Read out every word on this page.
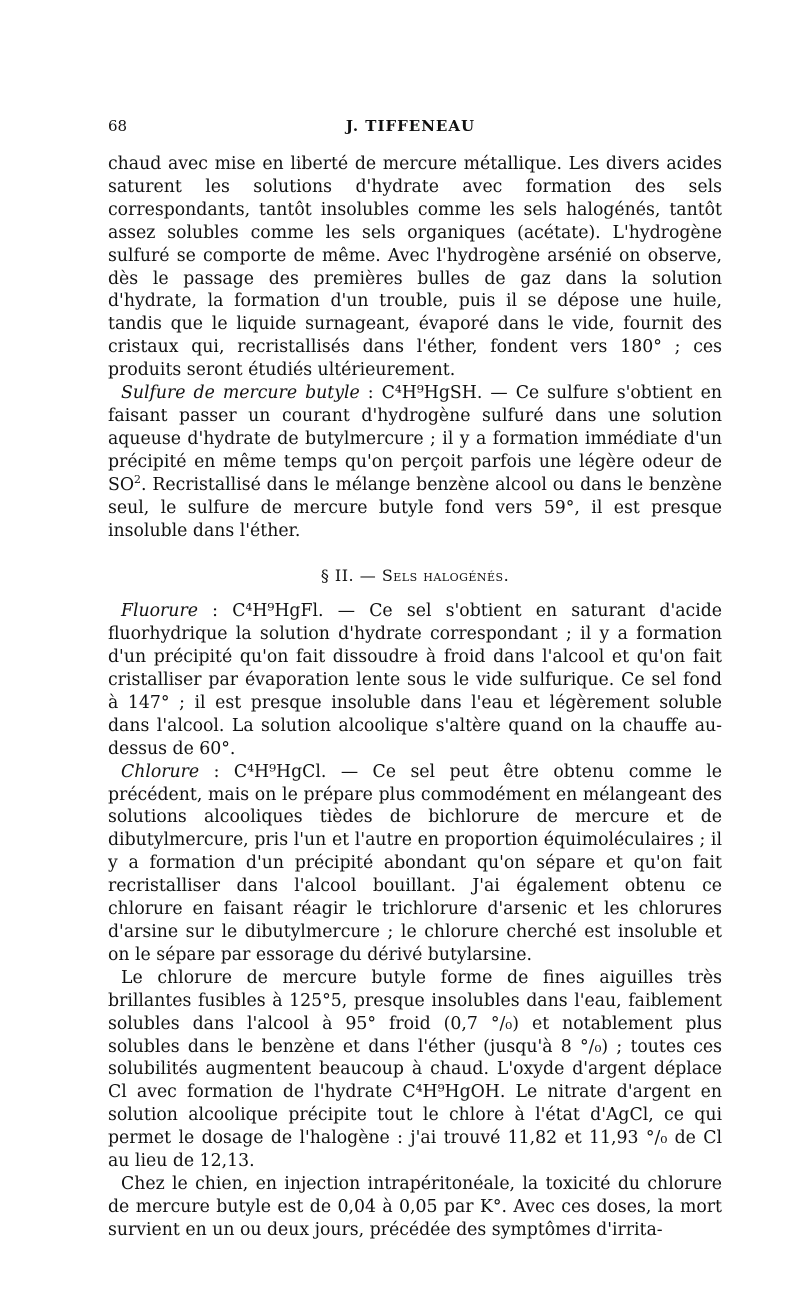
68	J. TIFFENEAU

chaud avec mise en liberté de mercure métallique. Les divers acides saturent les solutions d'hydrate avec formation des sels correspondants, tantôt insolubles comme les sels halogénés, tantôt assez solubles comme les sels organiques (acétate). L'hydrogène sulfuré se comporte de même. Avec l'hydrogène arsénié on observe, dès le passage des premières bulles de gaz dans la solution d'hydrate, la formation d'un trouble, puis il se dépose une huile, tandis que le liquide surnageant, évaporé dans le vide, fournit des cristaux qui, recristallisés dans l'éther, fondent vers 180° ; ces produits seront étudiés ultérieurement.

Sulfure de mercure butyle : C⁴H⁹HgSH. — Ce sulfure s'obtient en faisant passer un courant d'hydrogène sulfuré dans une solution aqueuse d'hydrate de butylmercure ; il y a formation immédiate d'un précipité en même temps qu'on perçoit parfois une légère odeur de $SO^2$. Recristallisé dans le mélange benzène alcool ou dans le benzène seul, le sulfure de mercure butyle fond vers 59°, il est presque insoluble dans l'éther.

§ II. — Sels halogénés.

Fluorure : C⁴H⁹HgFl. — Ce sel s'obtient en saturant d'acide fluorhydrique la solution d'hydrate correspondant ; il y a formation d'un précipité qu'on fait dissoudre à froid dans l'alcool et qu'on fait cristalliser par évaporation lente sous le vide sulfurique. Ce sel fond à 147° ; il est presque insoluble dans l'eau et légèrement soluble dans l'alcool. La solution alcoolique s'altère quand on la chauffe au-dessus de 60°.

Chlorure : C⁴H⁹HgCl. — Ce sel peut être obtenu comme le précédent, mais on le prépare plus commodément en mélangeant des solutions alcooliques tièdes de bichlorure de mercure et de dibutylmercure, pris l'un et l'autre en proportion équimoléculaires ; il y a formation d'un précipité abondant qu'on sépare et qu'on fait recristalliser dans l'alcool bouillant. J'ai également obtenu ce chlorure en faisant réagir le trichlorure d'arsenic et les chlorures d'arsine sur le dibutylmercure ; le chlorure cherché est insoluble et on le sépare par essorage du dérivé butylarsine.

Le chlorure de mercure butyle forme de fines aiguilles très brillantes fusibles à 125°5, presque insolubles dans l'eau, faiblement solubles dans l'alcool à 95° froid (0,7 °/₀) et notablement plus solubles dans le benzène et dans l'éther (jusqu'à 8 °/₀) ; toutes ces solubilités augmentent beaucoup à chaud. L'oxyde d'argent déplace Cl avec formation de l'hydrate C⁴H⁹HgOH. Le nitrate d'argent en solution alcoolique précipite tout le chlore à l'état d'AgCl, ce qui permet le dosage de l'halogène : j'ai trouvé 11,82 et 11,93 °/₀ de Cl au lieu de 12,13.

Chez le chien, en injection intrapéritonéale, la toxicité du chlorure de mercure butyle est de 0,04 à 0,05 par K°. Avec ces doses, la mort survient en un ou deux jours, précédée des symptômes d'irrita-
